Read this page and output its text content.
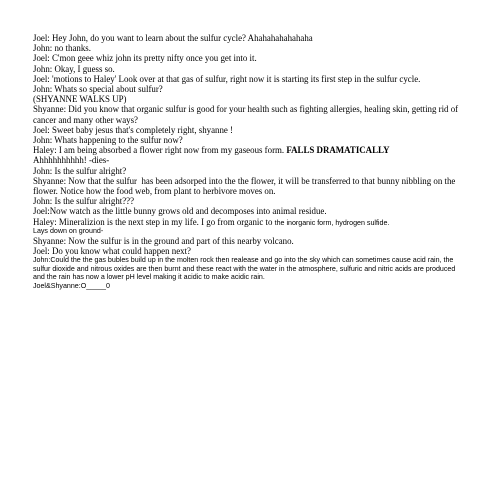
Joel: Hey John, do you want to learn about the sulfur cycle? Ahahahahahahaha
John: no thanks.
Joel: C'mon geee whiz john its pretty nifty once you get into it.
John: Okay, I guess so.
Joel: 'motions to Haley' Look over at that gas of sulfur, right now it is starting its first step in the sulfur cycle.
John: Whats so special about sulfur?
(SHYANNE WALKS UP)
Shyanne: Did you know that organic sulfur is good for your health such as fighting allergies, healing skin, getting rid of cancer and many other ways?
Joel: Sweet baby jesus that's completely right, shyanne !
John: Whats happening to the sulfur now?
Haley: I am being absorbed a flower right now from my gaseous form. FALLS DRAMATICALLY
Ahhhhhhhhhh! -dies-
John: Is the sulfur alright?
Shyanne: Now that the sulfur  has been adsorped into the the flower, it will be transferred to that bunny nibbling on the flower. Notice how the food web, from plant to herbivore moves on.
John: Is the sulfur alright???
Joel:Now watch as the little bunny grows old and decomposes into animal residue.
Haley: Mineralizion is the next step in my life. I go from organic to the inorganic form, hydrogen sulfide.
Lays down on ground-
Shyanne: Now the sulfur is in the ground and part of this nearby volcano.
Joel: Do you know what could happen next?
John:Could the the gas bubles build up in the molten rock then realease and go into the sky which can sometimes cause acid rain, the sulfur dioxide and nitrous oxides are then burnt and these react with the water in the atmosphere, sulfuric and nitric acids are produced and the rain has now a lower pH level making it acidic to make acidic rain.
Joel&Shyanne:O_____0
